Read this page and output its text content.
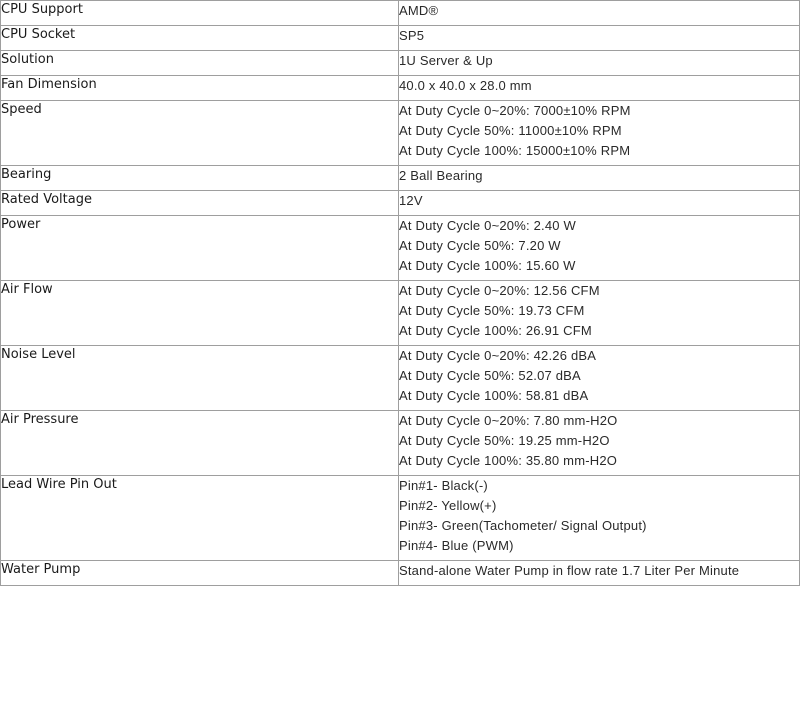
CPU Support	AMD®

CPU Socket	SP5

Solution	1U Server & Up

Fan Dimension	40.0 x 40.0 x 28.0 mm

Speed	At Duty Cycle 0~20%: 7000±10% RPM
At Duty Cycle 50%: 11000±10% RPM
At Duty Cycle 100%: 15000±10% RPM

Bearing	2 Ball Bearing

Rated Voltage	12V

Power	At Duty Cycle 0~20%: 2.40 W
At Duty Cycle 50%: 7.20 W
At Duty Cycle 100%: 15.60 W

Air Flow	At Duty Cycle 0~20%: 12.56 CFM
At Duty Cycle 50%: 19.73 CFM
At Duty Cycle 100%: 26.91 CFM

Noise Level	At Duty Cycle 0~20%: 42.26 dBA
At Duty Cycle 50%: 52.07 dBA
At Duty Cycle 100%: 58.81 dBA

Air Pressure	At Duty Cycle 0~20%: 7.80 mm-H2O
At Duty Cycle 50%: 19.25 mm-H2O
At Duty Cycle 100%: 35.80 mm-H2O

Lead Wire Pin Out	Pin#1- Black(-)
Pin#2- Yellow(+)
Pin#3- Green(Tachometer/ Signal Output)
Pin#4- Blue (PWM)

Water Pump	Stand-alone Water Pump in flow rate 1.7 Liter Per Minute
